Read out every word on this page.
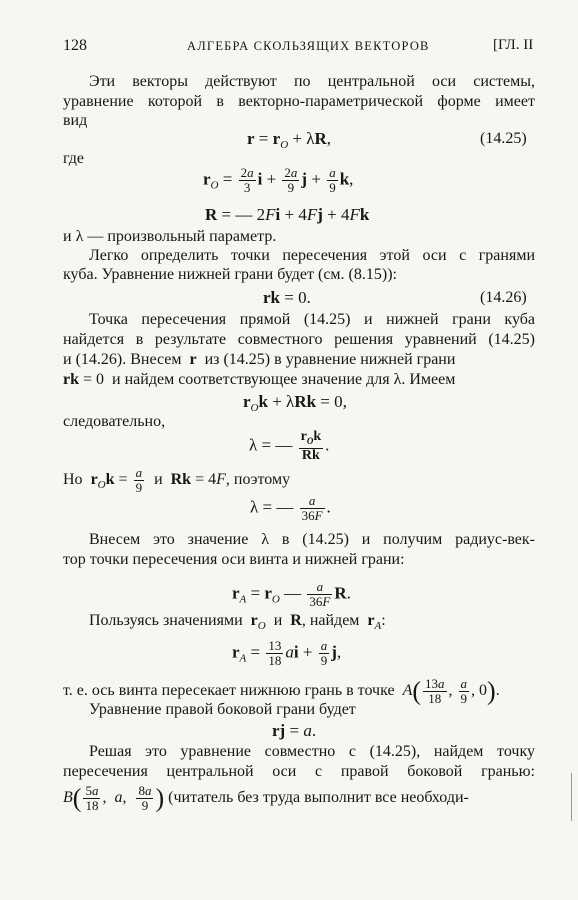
128	АЛГЕБРА СКОЛЬЗЯЩИХ ВЕКТОРОВ	[ГЛ. II
Эти векторы действуют по центральной оси системы,
уравнение которой в векторно-параметрической форме имеет
вид
$r = r_O + \lambda R$,	(14.25)
где
$r_O = \frac{2a}{3}$ $i + \frac{2a}{9}$ $j + \frac{a}{9} k$,
R = — 2Fi + 4Fj + 4Fk
и λ — произвольный параметр.
Легко определить точки пересечения этой оси с гранями
куба. Уравнение нижней грани будет (см. (8.15)):
rk = 0.	(14.26)
Точка пересечения прямой (14.25) и нижней грани куба
найдется в результате совместного решения уравнений (14.25)
и (14.26). Внесем r из (14.25) в уравнение нижней грани
rk = 0  и найдем соответствующее значение для λ. Имеем
$r_Ok + \lambda Rk = 0$,
следовательно,
λ = — $\frac{r_Ok}{Rk}$ .
Но $r_Ok = \frac{a}{9}$ и Rk = 4F, поэтому
λ = — $\frac{a}{36F}$ .
Внесем это значение λ в (14.25) и получим радиус-век-
тор точки пересечения оси винта и нижней грани:
$r_A = r_O$ — $\frac{a}{36F} R$.
Пользуясь значениями $r_O$ и R, найдем $r_A$:
$r_A = \frac{13}{18}$ ai + $\frac{a}{9} j$,
т. е. ось винта пересекает нижнюю грань в точке $A( \frac{13a}{18}$ , $\frac{a}{9}$ , 0).
Уравнение правой боковой грани будет
rj = a.
Решая это уравнение совместно с (14.25), найдем точку
пересечения центральной оси с правой боковой гранью:
$B( \frac{5a}{18}$ ,  a, $\frac{8a}{9}$ ) (читатель без труда выполнит все необходи-
